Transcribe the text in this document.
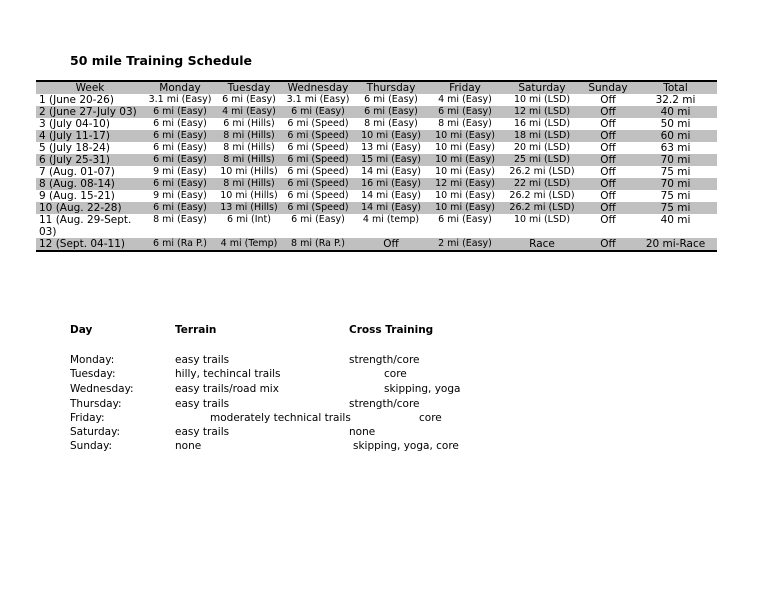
50 mile Training Schedule
Week	Monday	Tuesday	Wednesday	Thursday	Friday	Saturday	Sunday	Total
1 (June 20-26)	3.1 mi (Easy)	6 mi (Easy)	3.1 mi (Easy)	6 mi (Easy)	4 mi (Easy)	10 mi (LSD)	Off	32.2 mi
2 (June 27-July 03)	6 mi (Easy)	4 mi (Easy)	6 mi (Easy)	6 mi (Easy)	6 mi (Easy)	12 mi (LSD)	Off	40 mi
3 (July 04-10)	6 mi (Easy)	6 mi (Hills)	6 mi (Speed)	8 mi (Easy)	8 mi (Easy)	16 mi (LSD)	Off	50 mi
4 (July 11-17)	6 mi (Easy)	8 mi (Hills)	6 mi (Speed)	10 mi (Easy)	10 mi (Easy)	18 mi (LSD)	Off	60 mi
5 (July 18-24)	6 mi (Easy)	8 mi (Hills)	6 mi (Speed)	13 mi (Easy)	10 mi (Easy)	20 mi (LSD)	Off	63 mi
6 (July 25-31)	6 mi (Easy)	8 mi (Hills)	6 mi (Speed)	15 mi (Easy)	10 mi (Easy)	25 mi (LSD)	Off	70 mi
7 (Aug. 01-07)	9 mi (Easy)	10 mi (Hills)	6 mi (Speed)	14 mi (Easy)	10 mi (Easy)	26.2 mi (LSD)	Off	75 mi
8 (Aug. 08-14)	6 mi (Easy)	8 mi (Hills)	6 mi (Speed)	16 mi (Easy)	12 mi (Easy)	22 mi (LSD)	Off	70 mi
9 (Aug. 15-21)	9 mi (Easy)	10 mi (Hills)	6 mi (Speed)	14 mi (Easy)	10 mi (Easy)	26.2 mi (LSD)	Off	75 mi
10 (Aug. 22-28)	6 mi (Easy)	13 mi (Hills)	6 mi (Speed)	14 mi (Easy)	10 mi (Easy)	26.2 mi (LSD)	Off	75 mi
11 (Aug. 29-Sept. 03)	8 mi (Easy)	6 mi (Int)	6 mi (Easy)	4 mi (temp)	6 mi (Easy)	10 mi (LSD)	Off	40 mi
12 (Sept. 04-11)	6 mi (Ra P.)	4 mi (Temp)	8 mi (Ra P.)	Off	2 mi (Easy)	Race	Off	20 mi-Race
Day	Terrain	Cross Training
Monday:	easy trails	strength/core
Tuesday:	hilly, techincal trails	core
Wednesday:	easy trails/road mix	skipping, yoga
Thursday:	easy trails	strength/core
Friday:	moderately technical trails	core
Saturday:	easy trails	none
Sunday:	none	skipping, yoga, core
